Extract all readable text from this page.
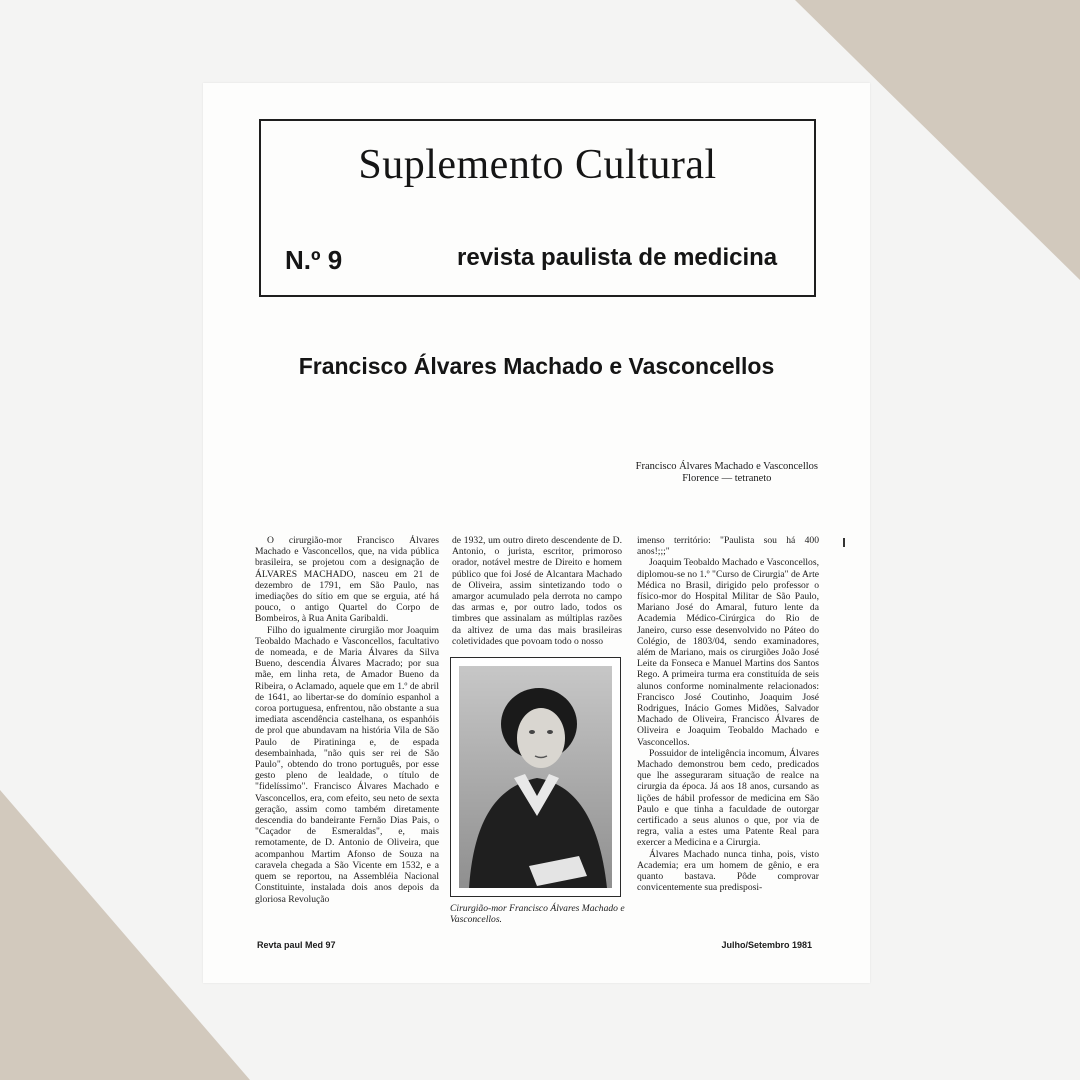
Suplemento Cultural
N.º 9	revista paulista de medicina
Francisco Álvares Machado e Vasconcellos
Francisco Álvares Machado e Vasconcellos
Florence — tetraneto

O cirurgião-mor Francisco Álvares Machado e Vasconcellos, que, na vida pública brasileira, se projetou com a designação de ÁLVARES MACHADO, nasceu em 21 de dezembro de 1791, em São Paulo, nas imediações do sítio em que se erguia, até há pouco, o antigo Quartel do Corpo de Bombeiros, à Rua Anita Garibaldi.

Filho do igualmente cirurgião mor Joaquim Teobaldo Machado e Vasconcellos, facultativo de nomeada, e de Maria Álvares da Silva Bueno, descendia Álvares Macrado; por sua mãe, em linha reta, de Amador Bueno da Ribeira, o Aclamado, aquele que em 1.º de abril de 1641, ao libertar-se do domínio espanhol a coroa portuguesa, enfrentou, não obstante a sua imediata ascendência castelhana, os espanhóis de prol que abundavam na história Vila de São Paulo de Piratininga e, de espada desembainhada, "não quis ser rei de São Paulo", obtendo do trono português, por esse gesto pleno de lealdade, o título de "fidelíssimo". Francisco Álvares Machado e Vasconcellos, era, com efeito, seu neto de sexta geração, assim como também diretamente descendia do bandeirante Fernão Dias Pais, o "Caçador de Esmeraldas", e, mais remotamente, de D. Antonio de Oliveira, que acompanhou Martim Afonso de Souza na caravela chegada a São Vicente em 1532, e a quem se reportou, na Assembléia Nacional Constituinte, instalada dois anos depois da gloriosa Revolução

de 1932, um outro direto descendente de D. Antonio, o jurista, escritor, primoroso orador, notável mestre de Direito e homem público que foi José de Alcantara Machado de Oliveira, assim sintetizando todo o amargor acumulado pela derrota no campo das armas e, por outro lado, todos os timbres que assinalam as múltiplas razões da altivez de uma das mais brasileiras coletividades que povoam todo o nosso

Cirurgião-mor Francisco Álvares Machado e Vasconcellos.

imenso território: "Paulista sou há 400 anos!;;;"

Joaquim Teobaldo Machado e Vasconcellos, diplomou-se no 1.º "Curso de Cirurgia" de Arte Médica no Brasil, dirigido pelo professor o físico-mor do Hospital Militar de São Paulo, Mariano José do Amaral, futuro lente da Academia Médico-Cirúrgica do Rio de Janeiro, curso esse desenvolvido no Páteo do Colégio, de 1803/04, sendo examinadores, além de Mariano, mais os cirurgiões João José Leite da Fonseca e Manuel Martins dos Santos Rego. A primeira turma era constituída de seis alunos conforme nominalmente relacionados: Francisco José Coutinho, Joaquim José Rodrigues, Inácio Gomes Midões, Salvador Machado de Oliveira, Francisco Álvares de Oliveira e Joaquim Teobaldo Machado e Vasconcellos.

Possuidor de inteligência incomum, Álvares Machado demonstrou bem cedo, predicados que lhe asseguraram situação de realce na cirurgia da época. Já aos 18 anos, cursando as lições de hábil professor de medicina em São Paulo e que tinha a faculdade de outorgar certificado a seus alunos o que, por via de regra, valia a estes uma Patente Real para exercer a Medicina e a Cirurgia.

Álvares Machado nunca tinha, pois, visto Academia; era um homem de gênio, e era quanto bastava. Pôde comprovar convicentemente sua predisposi-

Revta paul Med 97	Julho/Setembro 1981
